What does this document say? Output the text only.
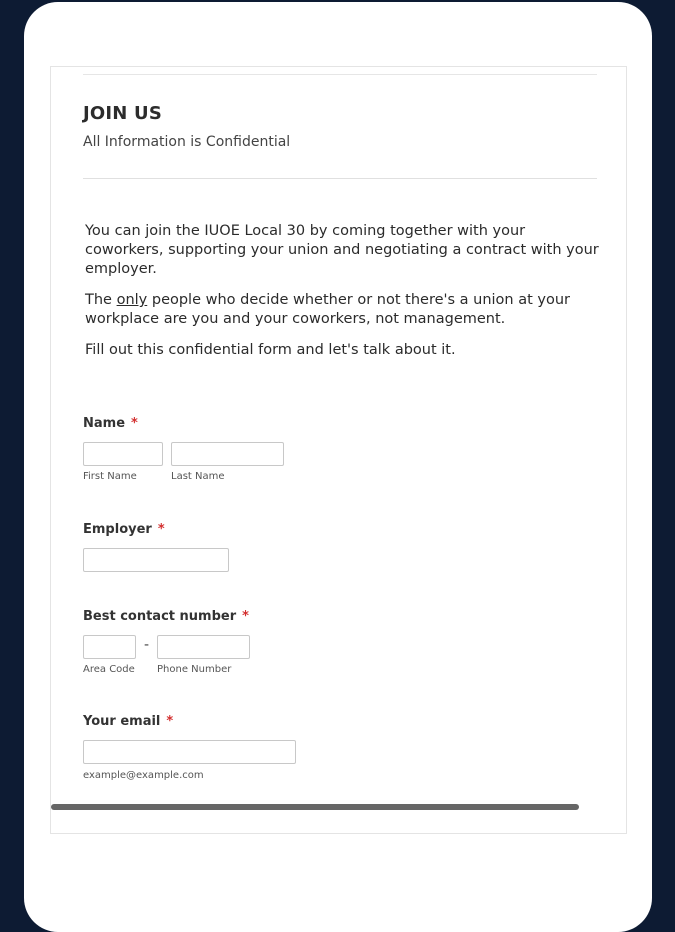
JOIN US

All Information is Confidential

You can join the IUOE Local 30 by coming together with your coworkers, supporting your union and negotiating a contract with your employer.

The only people who decide whether or not there's a union at your workplace are you and your coworkers, not management.

Fill out this confidential form and let's talk about it.

Name *
First Name	Last Name
Employer *
Best contact number *
-
Area Code Phone Number
Your email *
example@example.com
